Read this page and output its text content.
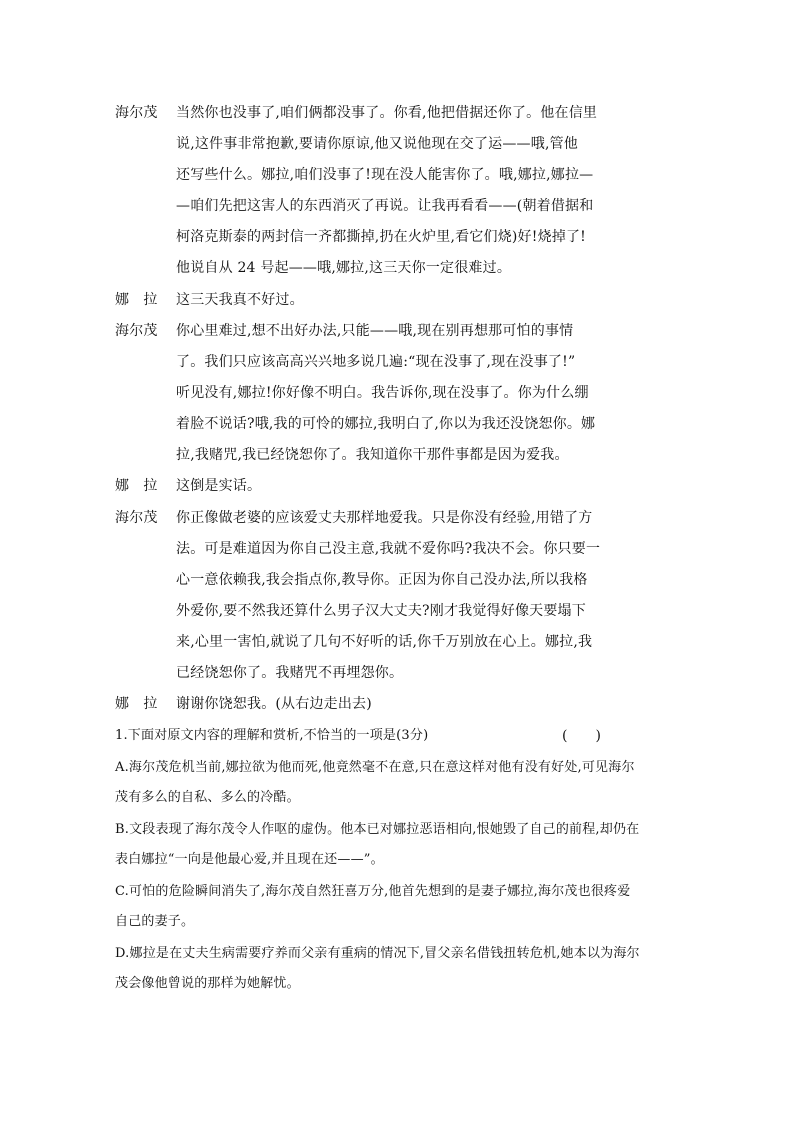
海尔茂 当然你也没事了,咱们俩都没事了。你看,他把借据还你了。他在信里
说,这件事非常抱歉,要请你原谅,他又说他现在交了运——哦,管他
还写些什么。娜拉,咱们没事了!现在没人能害你了。哦,娜拉,娜拉—
—咱们先把这害人的东西消灭了再说。让我再看看——(朝着借据和
柯洛克斯泰的两封信一齐都撕掉,扔在火炉里,看它们烧)好!烧掉了!
他说自从 24 号起——哦,娜拉,这三天你一定很难过。
娜　拉 这三天我真不好过。
海尔茂 你心里难过,想不出好办法,只能——哦,现在别再想那可怕的事情
了。我们只应该高高兴兴地多说几遍:“现在没事了,现在没事了!”
听见没有,娜拉!你好像不明白。我告诉你,现在没事了。你为什么绷
着脸不说话?哦,我的可怜的娜拉,我明白了,你以为我还没饶恕你。娜
拉,我赌咒,我已经饶恕你了。我知道你干那件事都是因为爱我。
娜　拉 这倒是实话。
海尔茂 你正像做老婆的应该爱丈夫那样地爱我。只是你没有经验,用错了方
法。可是难道因为你自己没主意,我就不爱你吗?我决不会。你只要一
心一意依赖我,我会指点你,教导你。正因为你自己没办法,所以我格
外爱你,要不然我还算什么男子汉大丈夫?刚才我觉得好像天要塌下
来,心里一害怕,就说了几句不好听的话,你千万别放在心上。娜拉,我
已经饶恕你了。我赌咒不再埋怨你。
娜　拉 谢谢你饶恕我。(从右边走出去)
1.下面对原文内容的理解和赏析,不恰当的一项是(3分)	(　　)
A.海尔茂危机当前,娜拉欲为他而死,他竟然毫不在意,只在意这样对他有没有好处,可见海尔
茂有多么的自私、多么的冷酷。
B.文段表现了海尔茂令人作呕的虚伪。他本已对娜拉恶语相向,恨她毁了自己的前程,却仍在
表白娜拉“一向是他最心爱,并且现在还——”。
C.可怕的危险瞬间消失了,海尔茂自然狂喜万分,他首先想到的是妻子娜拉,海尔茂也很疼爱
自己的妻子。
D.娜拉是在丈夫生病需要疗养而父亲有重病的情况下,冒父亲名借钱扭转危机,她本以为海尔
茂会像他曾说的那样为她解忧。
